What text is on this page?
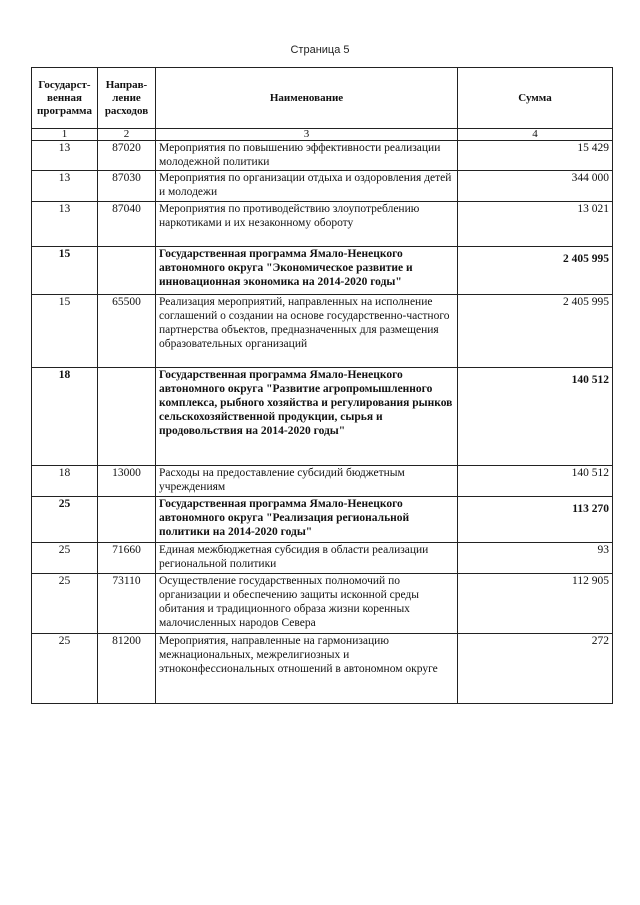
Страница 5
Государст-венная программа	Направ-ление расходов	Наименование	Сумма
1	2	3	4
13	87020	Мероприятия по повышению эффективности реализации молодежной политики	15 429
13	87030	Мероприятия по организации отдыха и оздоровления детей и молодежи	344 000
13	87040	Мероприятия по противодействию злоупотреблению наркотиками и их незаконному обороту	13 021
15		Государственная программа Ямало-Ненецкого автономного округа "Экономическое развитие и инновационная экономика на 2014-2020 годы"	2 405 995
15	65500	Реализация мероприятий, направленных на исполнение соглашений о создании на основе государственно-частного партнерства объектов, предназначенных для размещения образовательных организаций	2 405 995
18		Государственная программа Ямало-Ненецкого автономного округа "Развитие агропромышленного комплекса, рыбного хозяйства и регулирования рынков сельскохозяйственной продукции, сырья и продовольствия на 2014-2020 годы"	140 512
18	13000	Расходы на предоставление субсидий бюджетным учреждениям	140 512
25		Государственная программа Ямало-Ненецкого автономного округа "Реализация региональной политики на 2014-2020 годы"	113 270
25	71660	Единая межбюджетная субсидия в области реализации региональной политики	93
25	73110	Осуществление государственных полномочий по организации и обеспечению защиты исконной среды обитания и традиционного образа жизни коренных малочисленных народов Севера	112 905
25	81200	Мероприятия, направленные на гармонизацию межнациональных, межрелигиозных и этноконфессиональных отношений в автономном округе	272
